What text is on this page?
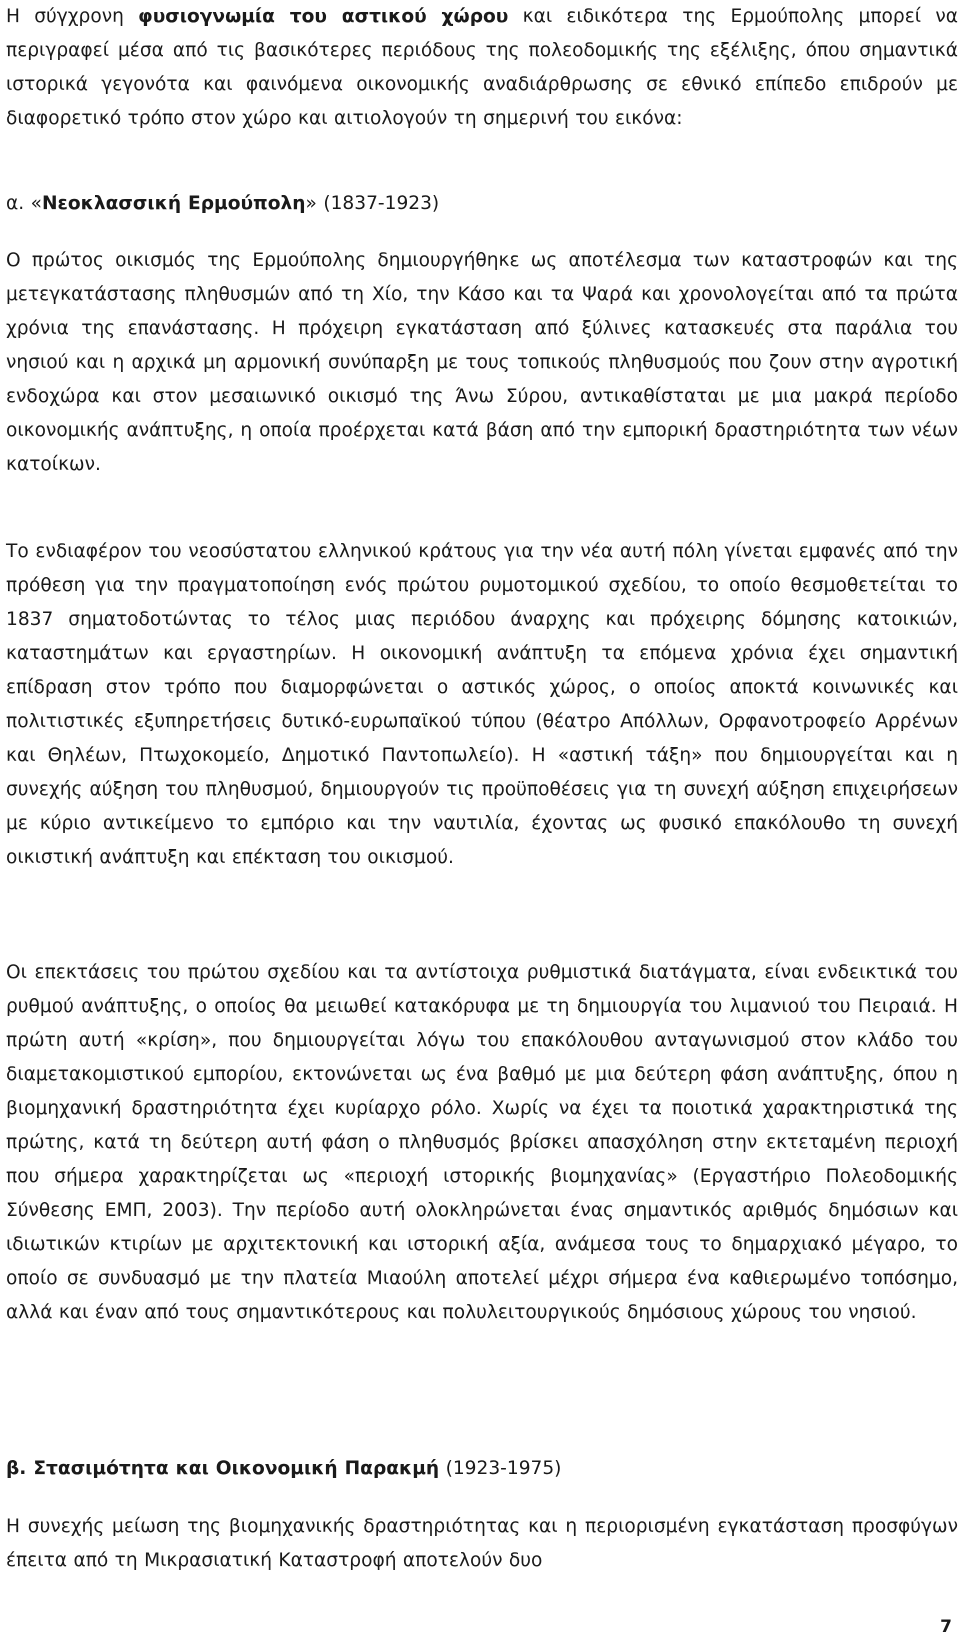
Η σύγχρονη φυσιογνωμία του αστικού χώρου και ειδικότερα της Ερμούπολης μπορεί να περιγραφεί μέσα από τις βασικότερες περιόδους της πολεοδομικής της εξέλιξης, όπου σημαντικά ιστορικά γεγονότα και φαινόμενα οικονομικής αναδιάρθρωσης σε εθνικό επίπεδο επιδρούν με διαφορετικό τρόπο στον χώρο και αιτιολογούν τη σημερινή του εικόνα:

α. «Νεοκλασσική Ερμούπολη» (1837-1923)

Ο πρώτος οικισμός της Ερμούπολης δημιουργήθηκε ως αποτέλεσμα των καταστροφών και της μετεγκατάστασης πληθυσμών από τη Χίο, την Κάσο και τα Ψαρά και χρονολογείται από τα πρώτα χρόνια της επανάστασης. Η πρόχειρη εγκατάσταση από ξύλινες κατασκευές στα παράλια του νησιού και η αρχικά μη αρμονική συνύπαρξη με τους τοπικούς πληθυσμούς που ζουν στην αγροτική ενδοχώρα και στον μεσαιωνικό οικισμό της Άνω Σύρου, αντικαθίσταται με μια μακρά περίοδο οικονομικής ανάπτυξης, η οποία προέρχεται κατά βάση από την εμπορική δραστηριότητα των νέων κατοίκων.

Το ενδιαφέρον του νεοσύστατου ελληνικού κράτους για την νέα αυτή πόλη γίνεται εμφανές από την πρόθεση για την πραγματοποίηση ενός πρώτου ρυμοτομικού σχεδίου, το οποίο θεσμοθετείται το 1837 σηματοδοτώντας το τέλος μιας περιόδου άναρχης και πρόχειρης δόμησης κατοικιών, καταστημάτων και εργαστηρίων. Η οικονομική ανάπτυξη τα επόμενα χρόνια έχει σημαντική επίδραση στον τρόπο που διαμορφώνεται ο αστικός χώρος, ο οποίος αποκτά κοινωνικές και πολιτιστικές εξυπηρετήσεις δυτικό-ευρωπαϊκού τύπου (θέατρο Απόλλων, Ορφανοτροφείο Αρρένων και Θηλέων, Πτωχοκομείο, Δημοτικό Παντοπωλείο). Η «αστική τάξη» που δημιουργείται και η συνεχής αύξηση του πληθυσμού, δημιουργούν τις προϋποθέσεις για τη συνεχή αύξηση επιχειρήσεων με κύριο αντικείμενο το εμπόριο και την ναυτιλία, έχοντας ως φυσικό επακόλουθο τη συνεχή οικιστική ανάπτυξη και επέκταση του οικισμού.

Οι επεκτάσεις του πρώτου σχεδίου και τα αντίστοιχα ρυθμιστικά διατάγματα, είναι ενδεικτικά του ρυθμού ανάπτυξης, ο οποίος θα μειωθεί κατακόρυφα με τη δημιουργία του λιμανιού του Πειραιά. Η πρώτη αυτή «κρίση», που δημιουργείται λόγω του επακόλουθου ανταγωνισμού στον κλάδο του διαμετακομιστικού εμπορίου, εκτονώνεται ως ένα βαθμό με μια δεύτερη φάση ανάπτυξης, όπου η βιομηχανική δραστηριότητα έχει κυρίαρχο ρόλο. Χωρίς να έχει τα ποιοτικά χαρακτηριστικά της πρώτης, κατά τη δεύτερη αυτή φάση ο πληθυσμός βρίσκει απασχόληση στην εκτεταμένη περιοχή που σήμερα χαρακτηρίζεται ως «περιοχή ιστορικής βιομηχανίας» (Εργαστήριο Πολεοδομικής Σύνθεσης ΕΜΠ, 2003). Την περίοδο αυτή ολοκληρώνεται ένας σημαντικός αριθμός δημόσιων και ιδιωτικών κτιρίων με αρχιτεκτονική και ιστορική αξία, ανάμεσα τους το δημαρχιακό μέγαρο, το οποίο σε συνδυασμό με την πλατεία Μιαούλη αποτελεί μέχρι σήμερα ένα καθιερωμένο τοπόσημο, αλλά και έναν από τους σημαντικότερους και πολυλειτουργικούς δημόσιους χώρους του νησιού.

β. Στασιμότητα και Οικονομική Παρακμή (1923-1975)

Η συνεχής μείωση της βιομηχανικής δραστηριότητας και η περιορισμένη εγκατάσταση προσφύγων έπειτα από τη Μικρασιατική Καταστροφή αποτελούν δυο

7
